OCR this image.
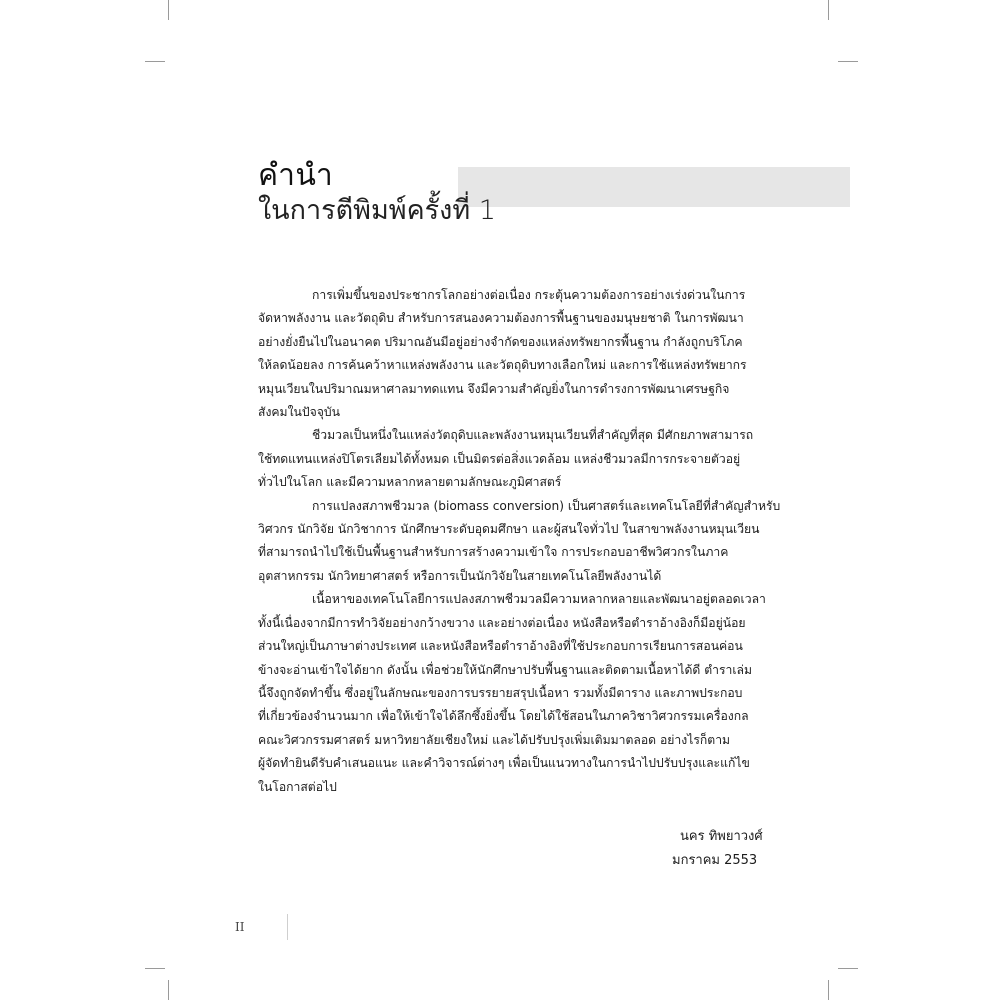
คำนำ
ในการตีพิมพ์ครั้งที่ 1
การเพิ่มขึ้นของประชากรโลกอย่างต่อเนื่อง กระตุ้นความต้องการอย่างเร่งด่วนในการ
จัดหาพลังงาน และวัตถุดิบ สำหรับการสนองความต้องการพื้นฐานของมนุษยชาติ ในการพัฒนา
อย่างยั่งยืนไปในอนาคต ปริมาณอันมีอยู่อย่างจำกัดของแหล่งทรัพยากรพื้นฐาน กำลังถูกบริโภค
ให้ลดน้อยลง การค้นคว้าหาแหล่งพลังงาน และวัตถุดิบทางเลือกใหม่ และการใช้แหล่งทรัพยากร
หมุนเวียนในปริมาณมหาศาลมาทดแทน จึงมีความสำคัญยิ่งในการดำรงการพัฒนาเศรษฐกิจ
สังคมในปัจจุบัน
ชีวมวลเป็นหนึ่งในแหล่งวัตถุดิบและพลังงานหมุนเวียนที่สำคัญที่สุด มีศักยภาพสามารถ
ใช้ทดแทนแหล่งปิโตรเลียมได้ทั้งหมด เป็นมิตรต่อสิ่งแวดล้อม แหล่งชีวมวลมีการกระจายตัวอยู่
ทั่วไปในโลก และมีความหลากหลายตามลักษณะภูมิศาสตร์
การแปลงสภาพชีวมวล (biomass conversion) เป็นศาสตร์และเทคโนโลยีที่สำคัญสำหรับ
วิศวกร นักวิจัย นักวิชาการ นักศึกษาระดับอุดมศึกษา และผู้สนใจทั่วไป ในสาขาพลังงานหมุนเวียน
ที่สามารถนำไปใช้เป็นพื้นฐานสำหรับการสร้างความเข้าใจ การประกอบอาชีพวิศวกรในภาค
อุตสาหกรรม นักวิทยาศาสตร์ หรือการเป็นนักวิจัยในสายเทคโนโลยีพลังงานได้
เนื้อหาของเทคโนโลยีการแปลงสภาพชีวมวลมีความหลากหลายและพัฒนาอยู่ตลอดเวลา
ทั้งนี้เนื่องจากมีการทำวิจัยอย่างกว้างขวาง และอย่างต่อเนื่อง หนังสือหรือตำราอ้างอิงก็มีอยู่น้อย
ส่วนใหญ่เป็นภาษาต่างประเทศ และหนังสือหรือตำราอ้างอิงที่ใช้ประกอบการเรียนการสอนค่อน
ข้างจะอ่านเข้าใจได้ยาก ดังนั้น เพื่อช่วยให้นักศึกษาปรับพื้นฐานและติดตามเนื้อหาได้ดี ตำราเล่ม
นี้จึงถูกจัดทำขึ้น ซึ่งอยู่ในลักษณะของการบรรยายสรุปเนื้อหา รวมทั้งมีตาราง และภาพประกอบ
ที่เกี่ยวข้องจำนวนมาก เพื่อให้เข้าใจได้ลึกซึ้งยิ่งขึ้น โดยได้ใช้สอนในภาควิชาวิศวกรรมเครื่องกล
คณะวิศวกรรมศาสตร์ มหาวิทยาลัยเชียงใหม่ และได้ปรับปรุงเพิ่มเติมมาตลอด อย่างไรก็ตาม
ผู้จัดทำยินดีรับคำเสนอแนะ และคำวิจารณ์ต่างๆ เพื่อเป็นแนวทางในการนำไปปรับปรุงและแก้ไข
ในโอกาสต่อไป
นคร ทิพยาวงศ์
มกราคม 2553
II
